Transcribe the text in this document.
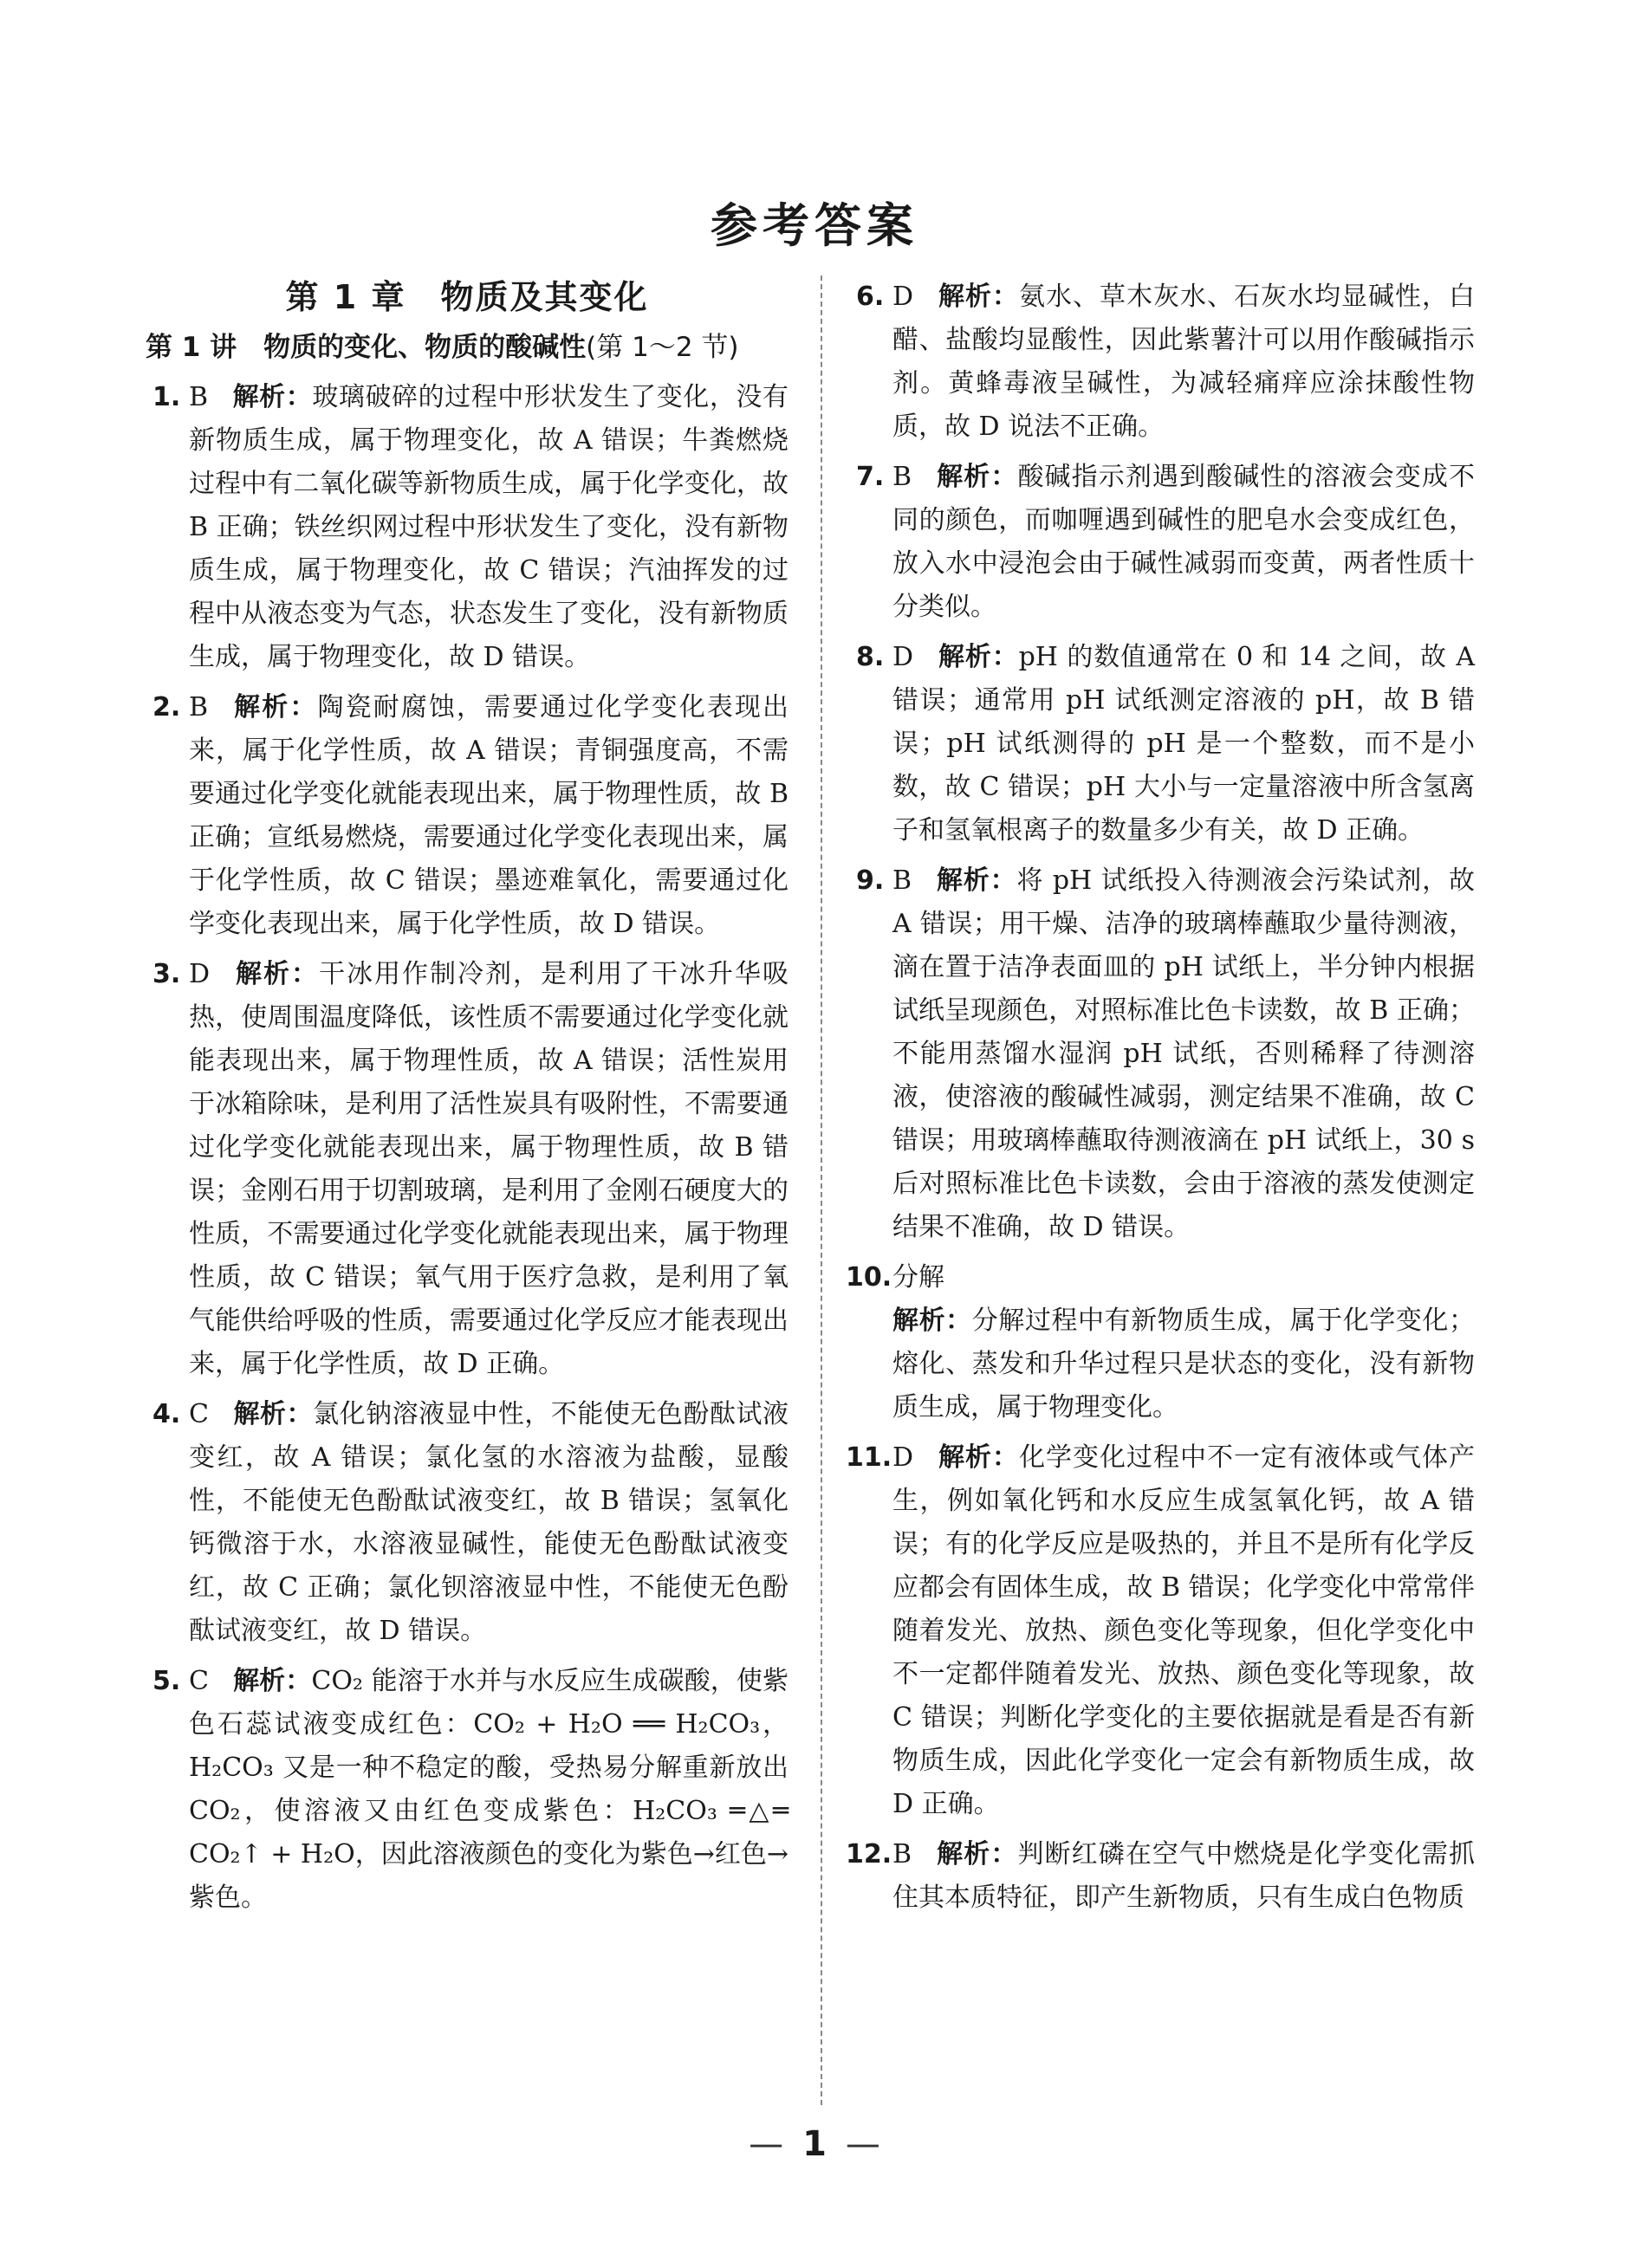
参考答案
第 1 章　物质及其变化
第 1 讲　物质的变化、物质的酸碱性(第 1～2 节)
1. B 解析：玻璃破碎的过程中形状发生了变化，没有新物质生成，属于物理变化，故 A 错误；牛粪燃烧过程中有二氧化碳等新物质生成，属于化学变化，故 B 正确；铁丝织网过程中形状发生了变化，没有新物质生成，属于物理变化，故 C 错误；汽油挥发的过程中从液态变为气态，状态发生了变化，没有新物质生成，属于物理变化，故 D 错误。
2. B 解析：陶瓷耐腐蚀，需要通过化学变化表现出来，属于化学性质，故 A 错误；青铜强度高，不需要通过化学变化就能表现出来，属于物理性质，故 B 正确；宣纸易燃烧，需要通过化学变化表现出来，属于化学性质，故 C 错误；墨迹难氧化，需要通过化学变化表现出来，属于化学性质，故 D 错误。
3. D 解析：干冰用作制冷剂，是利用了干冰升华吸热，使周围温度降低，该性质不需要通过化学变化就能表现出来，属于物理性质，故 A 错误；活性炭用于冰箱除味，是利用了活性炭具有吸附性，不需要通过化学变化就能表现出来，属于物理性质，故 B 错误；金刚石用于切割玻璃，是利用了金刚石硬度大的性质，不需要通过化学变化就能表现出来，属于物理性质，故 C 错误；氧气用于医疗急救，是利用了氧气能供给呼吸的性质，需要通过化学反应才能表现出来，属于化学性质，故 D 正确。
4. C 解析：氯化钠溶液显中性，不能使无色酚酞试液变红，故 A 错误；氯化氢的水溶液为盐酸，显酸性，不能使无色酚酞试液变红，故 B 错误；氢氧化钙微溶于水，水溶液显碱性，能使无色酚酞试液变红，故 C 正确；氯化钡溶液显中性，不能使无色酚酞试液变红，故 D 错误。
5. C 解析：CO₂ 能溶于水并与水反应生成碳酸，使紫色石蕊试液变成红色：CO₂ + H₂O ══ H₂CO₃，H₂CO₃ 又是一种不稳定的酸，受热易分解重新放出 CO₂，使溶液又由红色变成紫色：H₂CO₃ ═△═ CO₂↑ + H₂O，因此溶液颜色的变化为紫色→红色→紫色。
6. D 解析：氨水、草木灰水、石灰水均显碱性，白醋、盐酸均显酸性，因此紫薯汁可以用作酸碱指示剂。黄蜂毒液呈碱性，为减轻痛痒应涂抹酸性物质，故 D 说法不正确。
7. B 解析：酸碱指示剂遇到酸碱性的溶液会变成不同的颜色，而咖喱遇到碱性的肥皂水会变成红色，放入水中浸泡会由于碱性减弱而变黄，两者性质十分类似。
8. D 解析：pH 的数值通常在 0 和 14 之间，故 A 错误；通常用 pH 试纸测定溶液的 pH，故 B 错误；pH 试纸测得的 pH 是一个整数，而不是小数，故 C 错误；pH 大小与一定量溶液中所含氢离子和氢氧根离子的数量多少有关，故 D 正确。
9. B 解析：将 pH 试纸投入待测液会污染试剂，故 A 错误；用干燥、洁净的玻璃棒蘸取少量待测液，滴在置于洁净表面皿的 pH 试纸上，半分钟内根据试纸呈现颜色，对照标准比色卡读数，故 B 正确；不能用蒸馏水湿润 pH 试纸，否则稀释了待测溶液，使溶液的酸碱性减弱，测定结果不准确，故 C 错误；用玻璃棒蘸取待测液滴在 pH 试纸上，30 s 后对照标准比色卡读数，会由于溶液的蒸发使测定结果不准确，故 D 错误。
10. 分解
解析：分解过程中有新物质生成，属于化学变化；熔化、蒸发和升华过程只是状态的变化，没有新物质生成，属于物理变化。
11. D 解析：化学变化过程中不一定有液体或气体产生，例如氧化钙和水反应生成氢氧化钙，故 A 错误；有的化学反应是吸热的，并且不是所有化学反应都会有固体生成，故 B 错误；化学变化中常常伴随着发光、放热、颜色变化等现象，但化学变化中不一定都伴随着发光、放热、颜色变化等现象，故 C 错误；判断化学变化的主要依据就是看是否有新物质生成，因此化学变化一定会有新物质生成，故 D 正确。
12. B 解析：判断红磷在空气中燃烧是化学变化需抓住其本质特征，即产生新物质，只有生成白色物质
— 1 —
